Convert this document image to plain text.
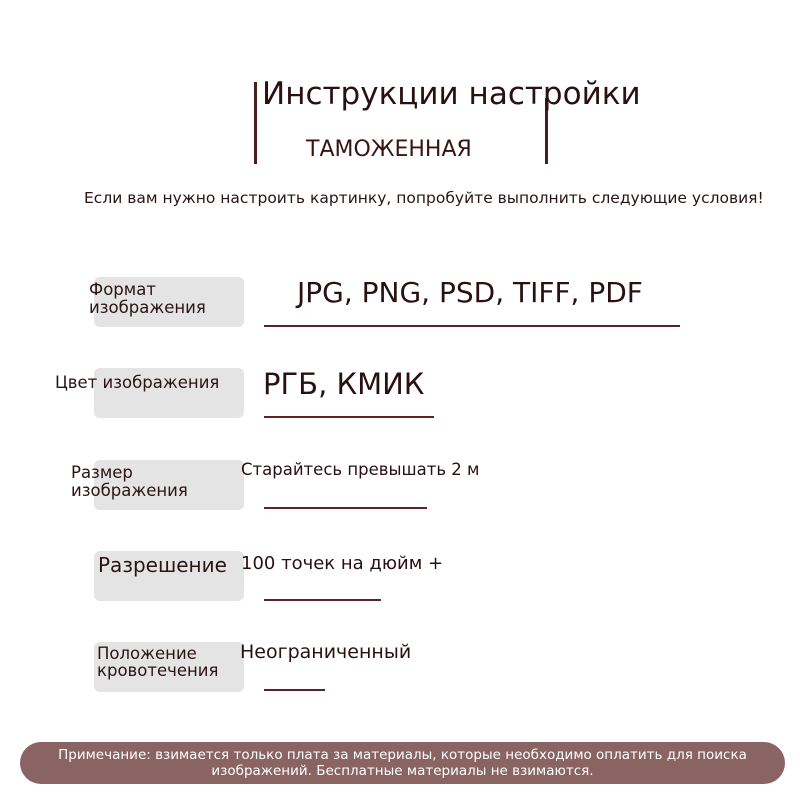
Инструкции настройки
ТАМОЖЕННАЯ
Если вам нужно настроить картинку, попробуйте выполнить следующие условия!
Формат
изображения	JPG, PNG, PSD, TIFF, PDF
Цвет изображения РГБ, КМИК
Размер
изображения
Старайтесь превышать 2 м
Разрешение 100 точек на дюйм +
Положение
кровотечения
Неограниченный
Примечание: взимается только плата за материалы, которые необходимо оплатить для поиска изображений. Бесплатные материалы не взимаются.
